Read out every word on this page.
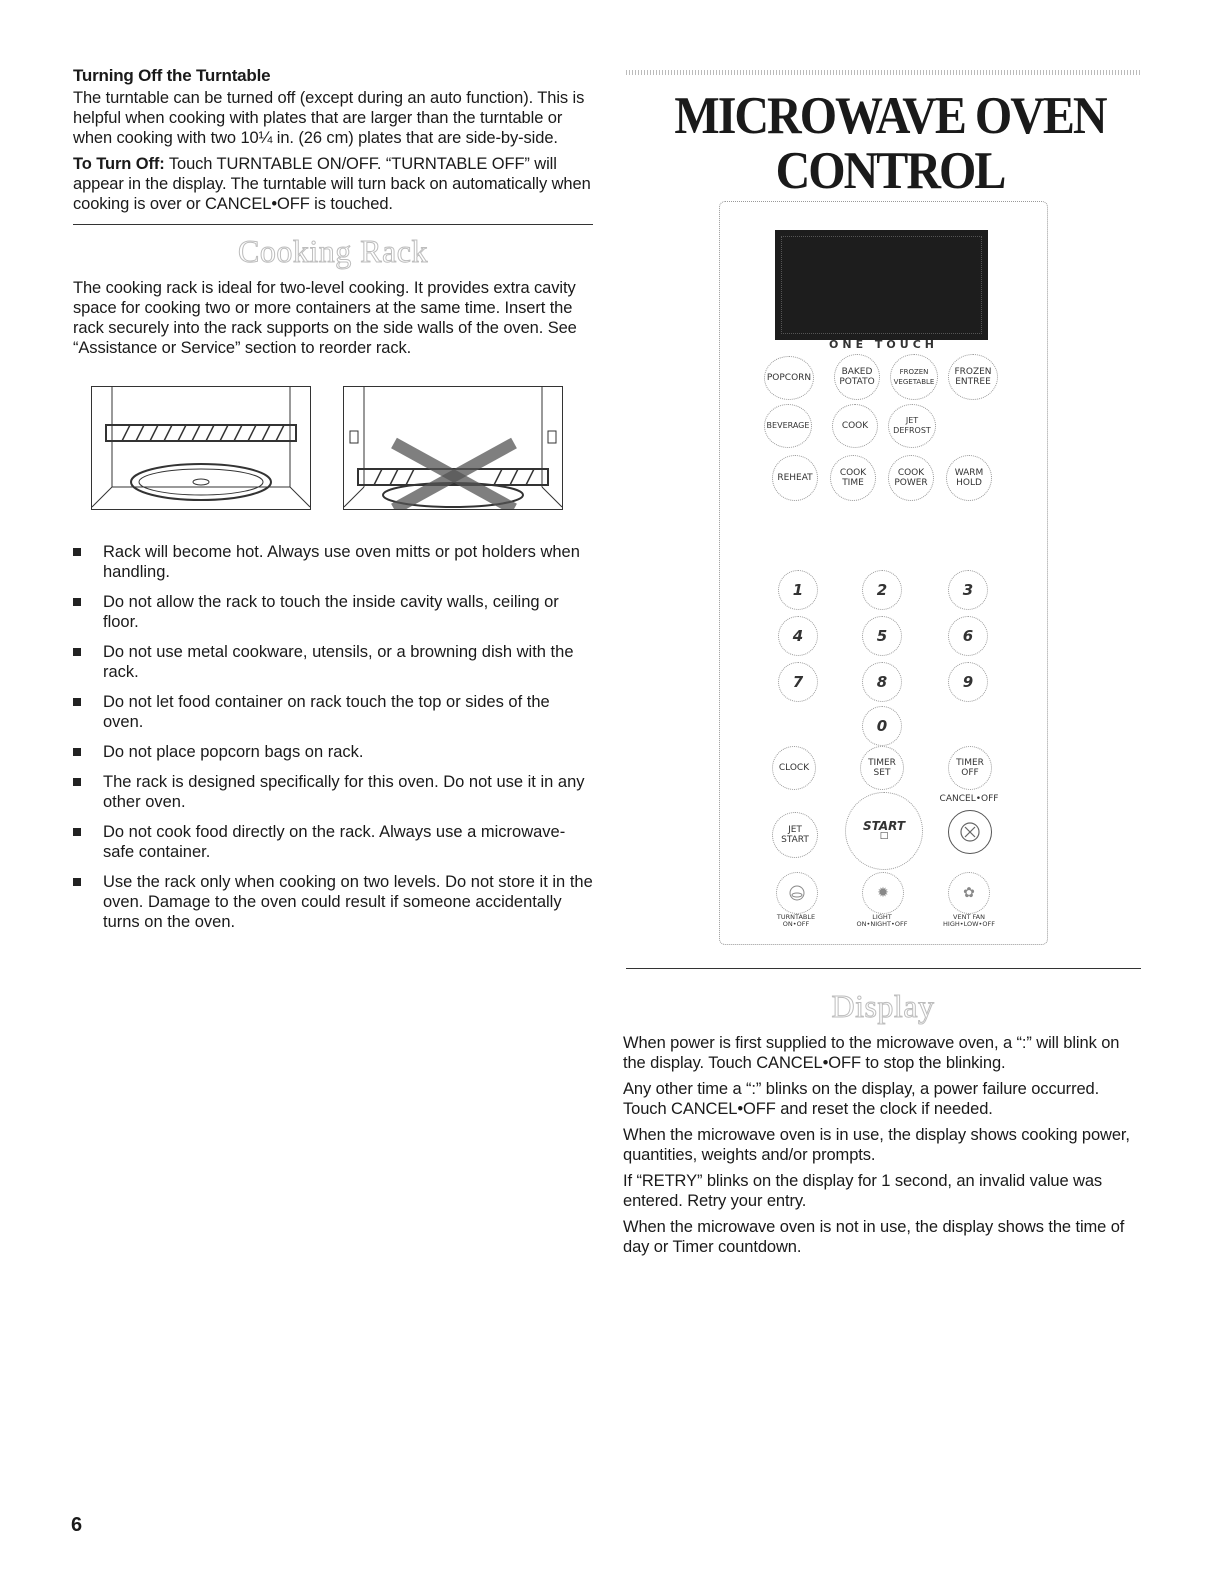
Turning Off the Turntable

The turntable can be turned off (except during an auto function). This is helpful when cooking with plates that are larger than the turntable or when cooking with two 10¼ in. (26 cm) plates that are side-by-side.

To Turn Off: Touch TURNTABLE ON/OFF. “TURNTABLE OFF” will appear in the display. The turntable will turn back on automatically when cooking is over or CANCEL•OFF is touched.

Cooking Rack

The cooking rack is ideal for two-level cooking. It provides extra cavity space for cooking two or more containers at the same time. Insert the rack securely into the rack supports on the side walls of the oven. See “Assistance or Service” section to reorder rack.

Rack will become hot. Always use oven mitts or pot holders when handling.
Do not allow the rack to touch the inside cavity walls, ceiling or floor.
Do not use metal cookware, utensils, or a browning dish with the rack.
Do not let food container on rack touch the top or sides of the oven.
Do not place popcorn bags on rack.
The rack is designed specifically for this oven. Do not use it in any other oven.
Do not cook food directly on the rack. Always use a microwave-safe container.
Use the rack only when cooking on two levels. Do not store it in the oven. Damage to the oven could result if someone accidentally turns on the oven.
MICROWAVE OVEN
CONTROL
ONE TOUCH
POPCORN
BAKED
POTATO
FROZEN
VEGETABLE
FROZEN
ENTREE
BEVERAGE	COOK
JET
DEFROST
REHEAT	COOK
TIME
COOK
POWER
WARM
HOLD
1	2	3
4	5	6
7	8	9
0
CLOCK	TIMER
SET
TIMER
OFF
CANCEL•OFF
JET
START
START
□
✹	✿
TURNTABLE
ON•OFF
LIGHT
ON•NIGHT•OFF
VENT FAN
HIGH•LOW•OFF
Display

When power is first supplied to the microwave oven, a “:” will blink on the display. Touch CANCEL•OFF to stop the blinking.

Any other time a “:” blinks on the display, a power failure occurred. Touch CANCEL•OFF and reset the clock if needed.

When the microwave oven is in use, the display shows cooking power, quantities, weights and/or prompts.

If “RETRY” blinks on the display for 1 second, an invalid value was entered. Retry your entry.

When the microwave oven is not in use, the display shows the time of day or Timer countdown.

6
